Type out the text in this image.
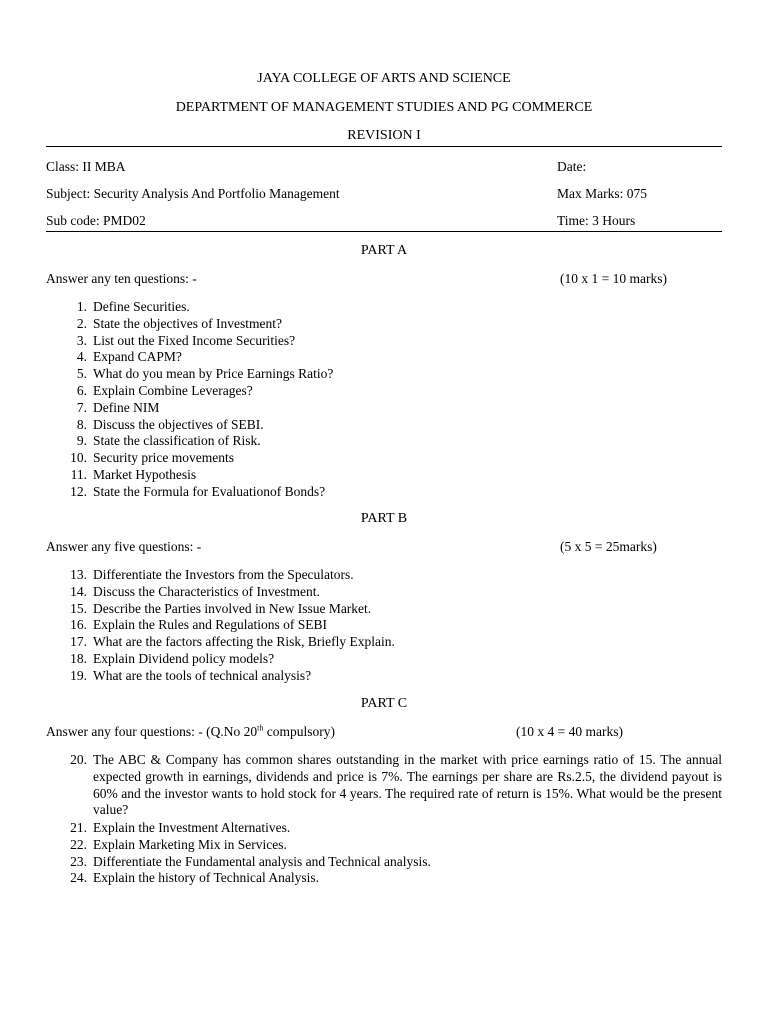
JAYA COLLEGE OF ARTS AND SCIENCE
DEPARTMENT OF MANAGEMENT STUDIES AND PG COMMERCE
REVISION I
Class: II MBA	Date:
Subject: Security Analysis And Portfolio Management	Max Marks: 075
Sub code: PMD02	Time: 3 Hours
PART A
Answer any ten questions: -	(10 x 1 = 10 marks)
1. Define Securities.
2. State the objectives of Investment?
3. List out the Fixed Income Securities?
4. Expand CAPM?
5. What do you mean by Price Earnings Ratio?
6. Explain Combine Leverages?
7. Define NIM
8. Discuss the objectives of SEBI.
9. State the classification of Risk.
10. Security price movements
11. Market Hypothesis
12. State the Formula for Evaluationof Bonds?
PART B
Answer any five questions: -	(5 x 5 = 25marks)
13. Differentiate the Investors from the Speculators.
14. Discuss the Characteristics of Investment.
15. Describe the Parties involved in New Issue Market.
16. Explain the Rules and Regulations of SEBI
17. What are the factors affecting the Risk, Briefly Explain.
18. Explain Dividend policy models?
19. What are the tools of technical analysis?
PART C
Answer any four questions: - (Q.No 20th compulsory)	(10 x 4 = 40 marks)
20. The ABC & Company has common shares outstanding in the market with price earnings ratio of 15. The annual expected growth in earnings, dividends and price is 7%. The earnings per share are Rs.2.5, the dividend payout is 60% and the investor wants to hold stock for 4 years. The required rate of return is 15%. What would be the present value?
21. Explain the Investment Alternatives.
22. Explain Marketing Mix in Services.
23. Differentiate the Fundamental analysis and Technical analysis.
24. Explain the history of Technical Analysis.
